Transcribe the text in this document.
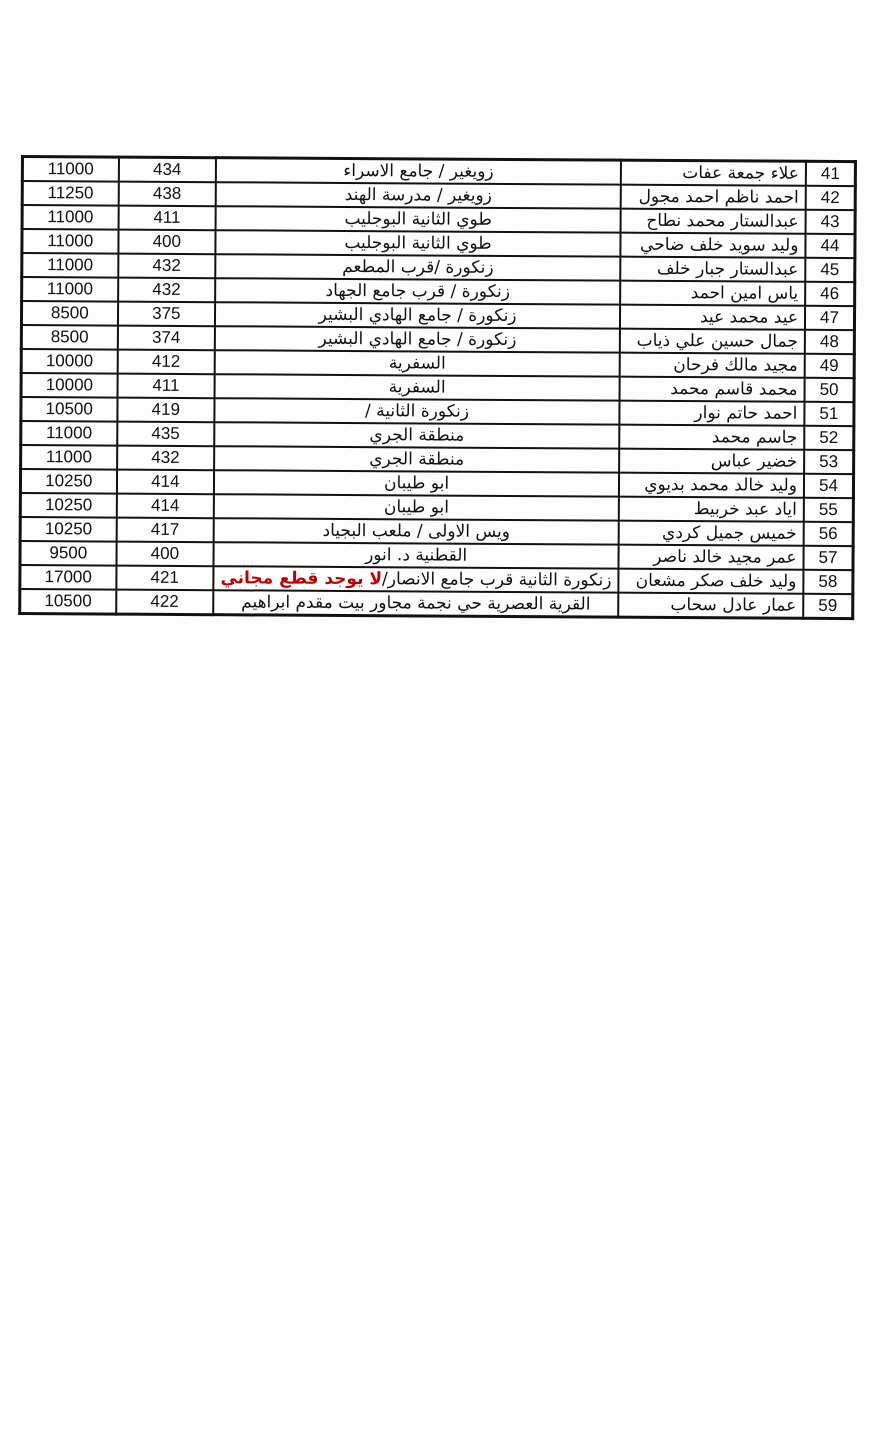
11000	434	زويغير / جامع الاسراء	علاء جمعة عفات	41
11250	438	زويغير / مدرسة الهند	احمد ناظم احمد مجول	42
11000	411	طوي الثانية البوجليب	عبدالستار محمد نطاح	43
11000	400	طوي الثانية البوجليب	وليد سويد خلف ضاحي	44
11000	432	زنكورة /قرب المطعم	عبدالستار جبار خلف	45
11000	432	زنكورة / قرب جامع الجهاد	ياس امين احمد	46
8500	375	زنكورة / جامع الهادي البشير	عيد محمد عيد	47
8500	374	زنكورة / جامع الهادي البشير	جمال حسين علي ذياب	48
10000	412	السفرية	مجيد مالك فرحان	49
10000	411	السفرية	محمد قاسم محمد	50
10500	419	زنكورة الثانية /	احمد حاتم نوار	51
11000	435	منطقة الجري	جاسم محمد	52
11000	432	منطقة الجري	خضير عباس	53
10250	414	ابو طيبان	وليد خالد محمد بديوي	54
10250	414	ابو طيبان	اياد عبد خربيط	55
10250	417	ويس الاولى / ملعب البجياد	خميس جميل كردي	56
9500	400	القطنية د. انور	عمر مجيد خالد ناصر	57
17000	421	زنكورة الثانية قرب جامع الانصار/لا يوجد قطع مجاني	وليد خلف صكر مشعان	58
10500	422	القرية العصرية حي نجمة مجاور بيت مقدم ابراهيم	عمار عادل سحاب	59
